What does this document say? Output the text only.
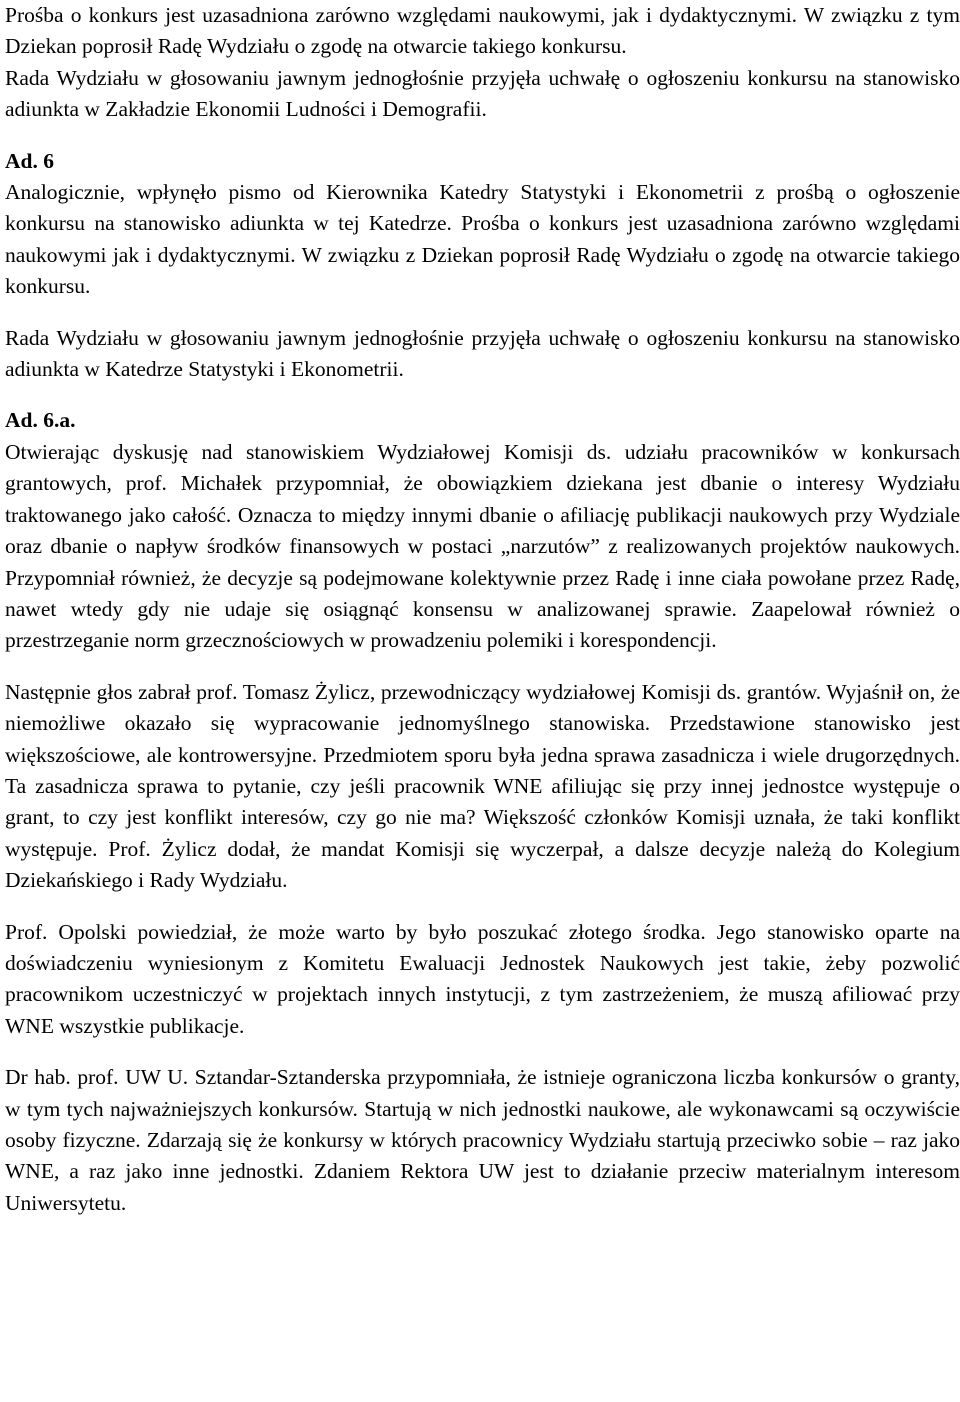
Prośba o konkurs jest uzasadniona zarówno względami naukowymi, jak i dydaktycznymi. W związku z tym Dziekan poprosił Radę Wydziału o zgodę na otwarcie takiego konkursu.

Rada Wydziału w głosowaniu jawnym jednogłośnie przyjęła uchwałę o ogłoszeniu konkursu na stanowisko adiunkta w Zakładzie Ekonomii Ludności i Demografii.

Ad. 6

Analogicznie, wpłynęło pismo od Kierownika Katedry Statystyki i Ekonometrii z prośbą o ogłoszenie konkursu na stanowisko adiunkta w tej Katedrze. Prośba o konkurs jest uzasadniona zarówno względami naukowymi jak i dydaktycznymi. W związku z Dziekan poprosił Radę Wydziału o zgodę na otwarcie takiego konkursu.

Rada Wydziału w głosowaniu jawnym jednogłośnie przyjęła uchwałę o ogłoszeniu konkursu na stanowisko adiunkta w Katedrze Statystyki i Ekonometrii.

Ad. 6.a.

Otwierając dyskusję nad stanowiskiem Wydziałowej Komisji ds. udziału pracowników w konkursach grantowych, prof. Michałek przypomniał, że obowiązkiem dziekana jest dbanie o interesy Wydziału traktowanego jako całość. Oznacza to między innymi dbanie o afiliację publikacji naukowych przy Wydziale oraz dbanie o napływ środków finansowych w postaci „narzutów” z realizowanych projektów naukowych. Przypomniał również, że decyzje są podejmowane kolektywnie przez Radę i inne ciała powołane przez Radę, nawet wtedy gdy nie udaje się osiągnąć konsensu w analizowanej sprawie. Zaapelował również o przestrzeganie norm grzecznościowych w prowadzeniu polemiki i korespondencji.

Następnie głos zabrał prof. Tomasz Żylicz, przewodniczący wydziałowej Komisji ds. grantów. Wyjaśnił on, że niemożliwe okazało się wypracowanie jednomyślnego stanowiska. Przedstawione stanowisko jest większościowe, ale kontrowersyjne. Przedmiotem sporu była jedna sprawa zasadnicza i wiele drugorzędnych. Ta zasadnicza sprawa to pytanie, czy jeśli pracownik WNE afiliując się przy innej jednostce występuje o grant, to czy jest konflikt interesów, czy go nie ma? Większość członków Komisji uznała, że taki konflikt występuje. Prof. Żylicz dodał, że mandat Komisji się wyczerpał, a dalsze decyzje należą do Kolegium Dziekańskiego i Rady Wydziału.

Prof. Opolski powiedział, że może warto by było poszukać złotego środka. Jego stanowisko oparte na doświadczeniu wyniesionym z Komitetu Ewaluacji Jednostek Naukowych jest takie, żeby pozwolić pracownikom uczestniczyć w projektach innych instytucji, z tym zastrzeżeniem, że muszą afiliować przy WNE wszystkie publikacje.

Dr hab. prof. UW U. Sztandar-Sztanderska przypomniała, że istnieje ograniczona liczba konkursów o granty, w tym tych najważniejszych konkursów. Startują w nich jednostki naukowe, ale wykonawcami są oczywiście osoby fizyczne. Zdarzają się że konkursy w których pracownicy Wydziału startują przeciwko sobie – raz jako WNE, a raz jako inne jednostki. Zdaniem Rektora UW jest to działanie przeciw materialnym interesom Uniwersytetu.
